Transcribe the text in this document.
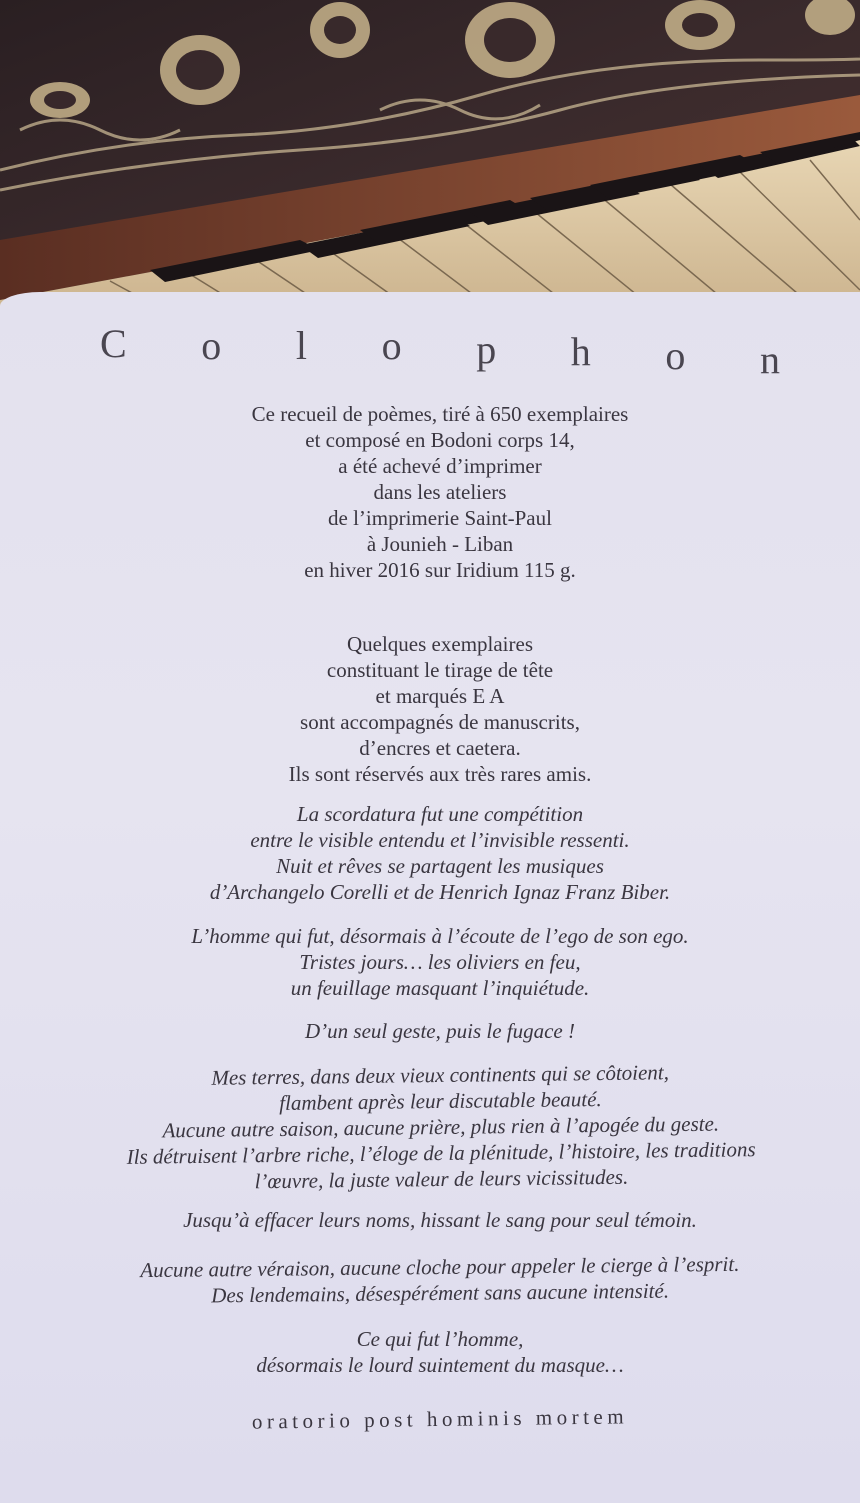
C o l o p h o n
Ce recueil de poèmes, tiré à 650 exemplaires
et composé en Bodoni corps 14,
a été achevé d’imprimer
dans les ateliers
de l’imprimerie Saint-Paul
à Jounieh - Liban
en hiver 2016 sur Iridium 115 g.
Quelques exemplaires
constituant le tirage de tête
et marqués E A
sont accompagnés de manuscrits,
d’encres et caetera.
Ils sont réservés aux très rares amis.
La scordatura fut une compétition
entre le visible entendu et l’invisible ressenti.
Nuit et rêves se partagent les musiques
d’Archangelo Corelli et de Henrich Ignaz Franz Biber.
L’homme qui fut, désormais à l’écoute de l’ego de son ego.
Tristes jours… les oliviers en feu,
un feuillage masquant l’inquiétude.
D’un seul geste, puis le fugace !
Mes terres, dans deux vieux continents qui se côtoient,
flambent après leur discutable beauté.
Aucune autre saison, aucune prière, plus rien à l’apogée du geste.
Ils détruisent l’arbre riche, l’éloge de la plénitude, l’histoire, les traditions
l’œuvre, la juste valeur de leurs vicissitudes.
Jusqu’à effacer leurs noms, hissant le sang pour seul témoin.
Aucune autre véraison, aucune cloche pour appeler le cierge à l’esprit.
Des lendemains, désespérément sans aucune intensité.
Ce qui fut l’homme,
désormais le lourd suintement du masque…
oratorio post hominis mortem
